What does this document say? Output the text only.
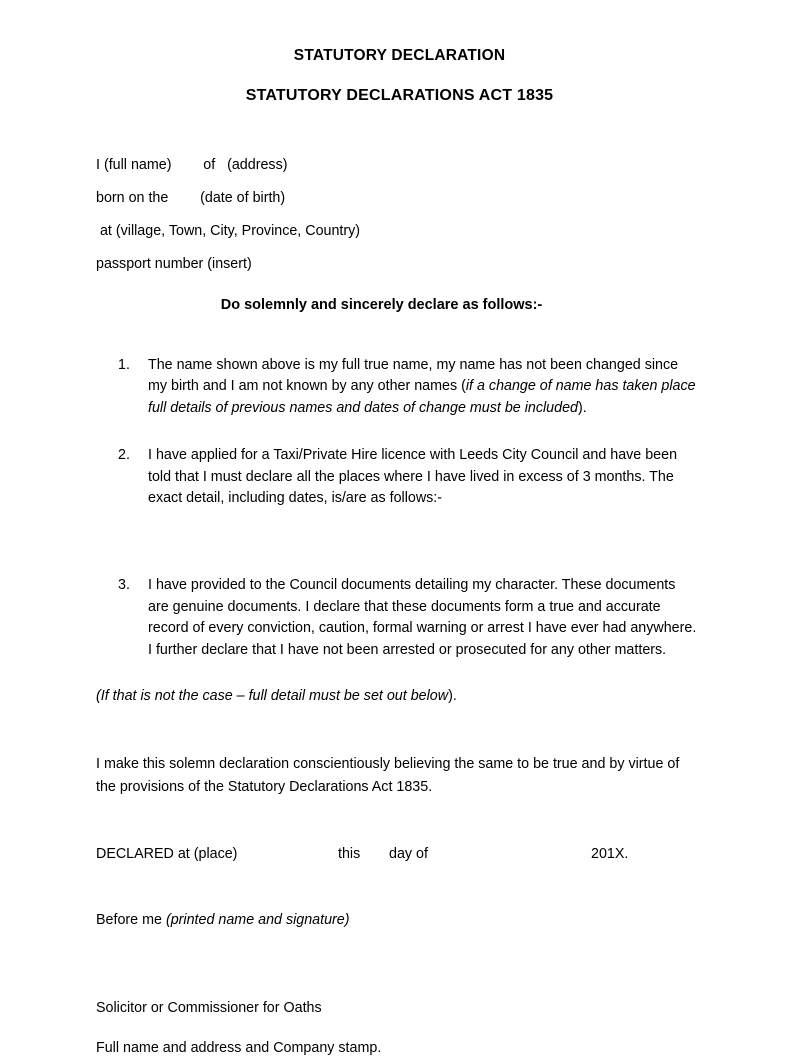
STATUTORY DECLARATION
STATUTORY DECLARATIONS ACT 1835
I (full name)        of   (address)
born on the        (date of birth)
at (village, Town, City, Province, Country)
passport number (insert)
Do solemnly and sincerely declare as follows:-
1. The name shown above is my full true name, my name has not been changed since my birth and I am not known by any other names (if a change of name has taken place full details of previous names and dates of change must be included).
2. I have applied for a Taxi/Private Hire licence with Leeds City Council and have been told that I must declare all the places where I have lived in excess of 3 months. The exact detail, including dates, is/are as follows:-
3. I have provided to the Council documents detailing my character. These documents are genuine documents. I declare that these documents form a true and accurate record of every conviction, caution, formal warning or arrest I have ever had anywhere. I further declare that I have not been arrested or prosecuted for any other matters.

(If that is not the case – full detail must be set out below).

I make this solemn declaration conscientiously believing the same to be true and by virtue of the provisions of the Statutory Declarations Act 1835.

DECLARED at (place)	this day of	201X.

Before me (printed name and signature)

Solicitor or Commissioner for Oaths

Full name and address and Company stamp.
